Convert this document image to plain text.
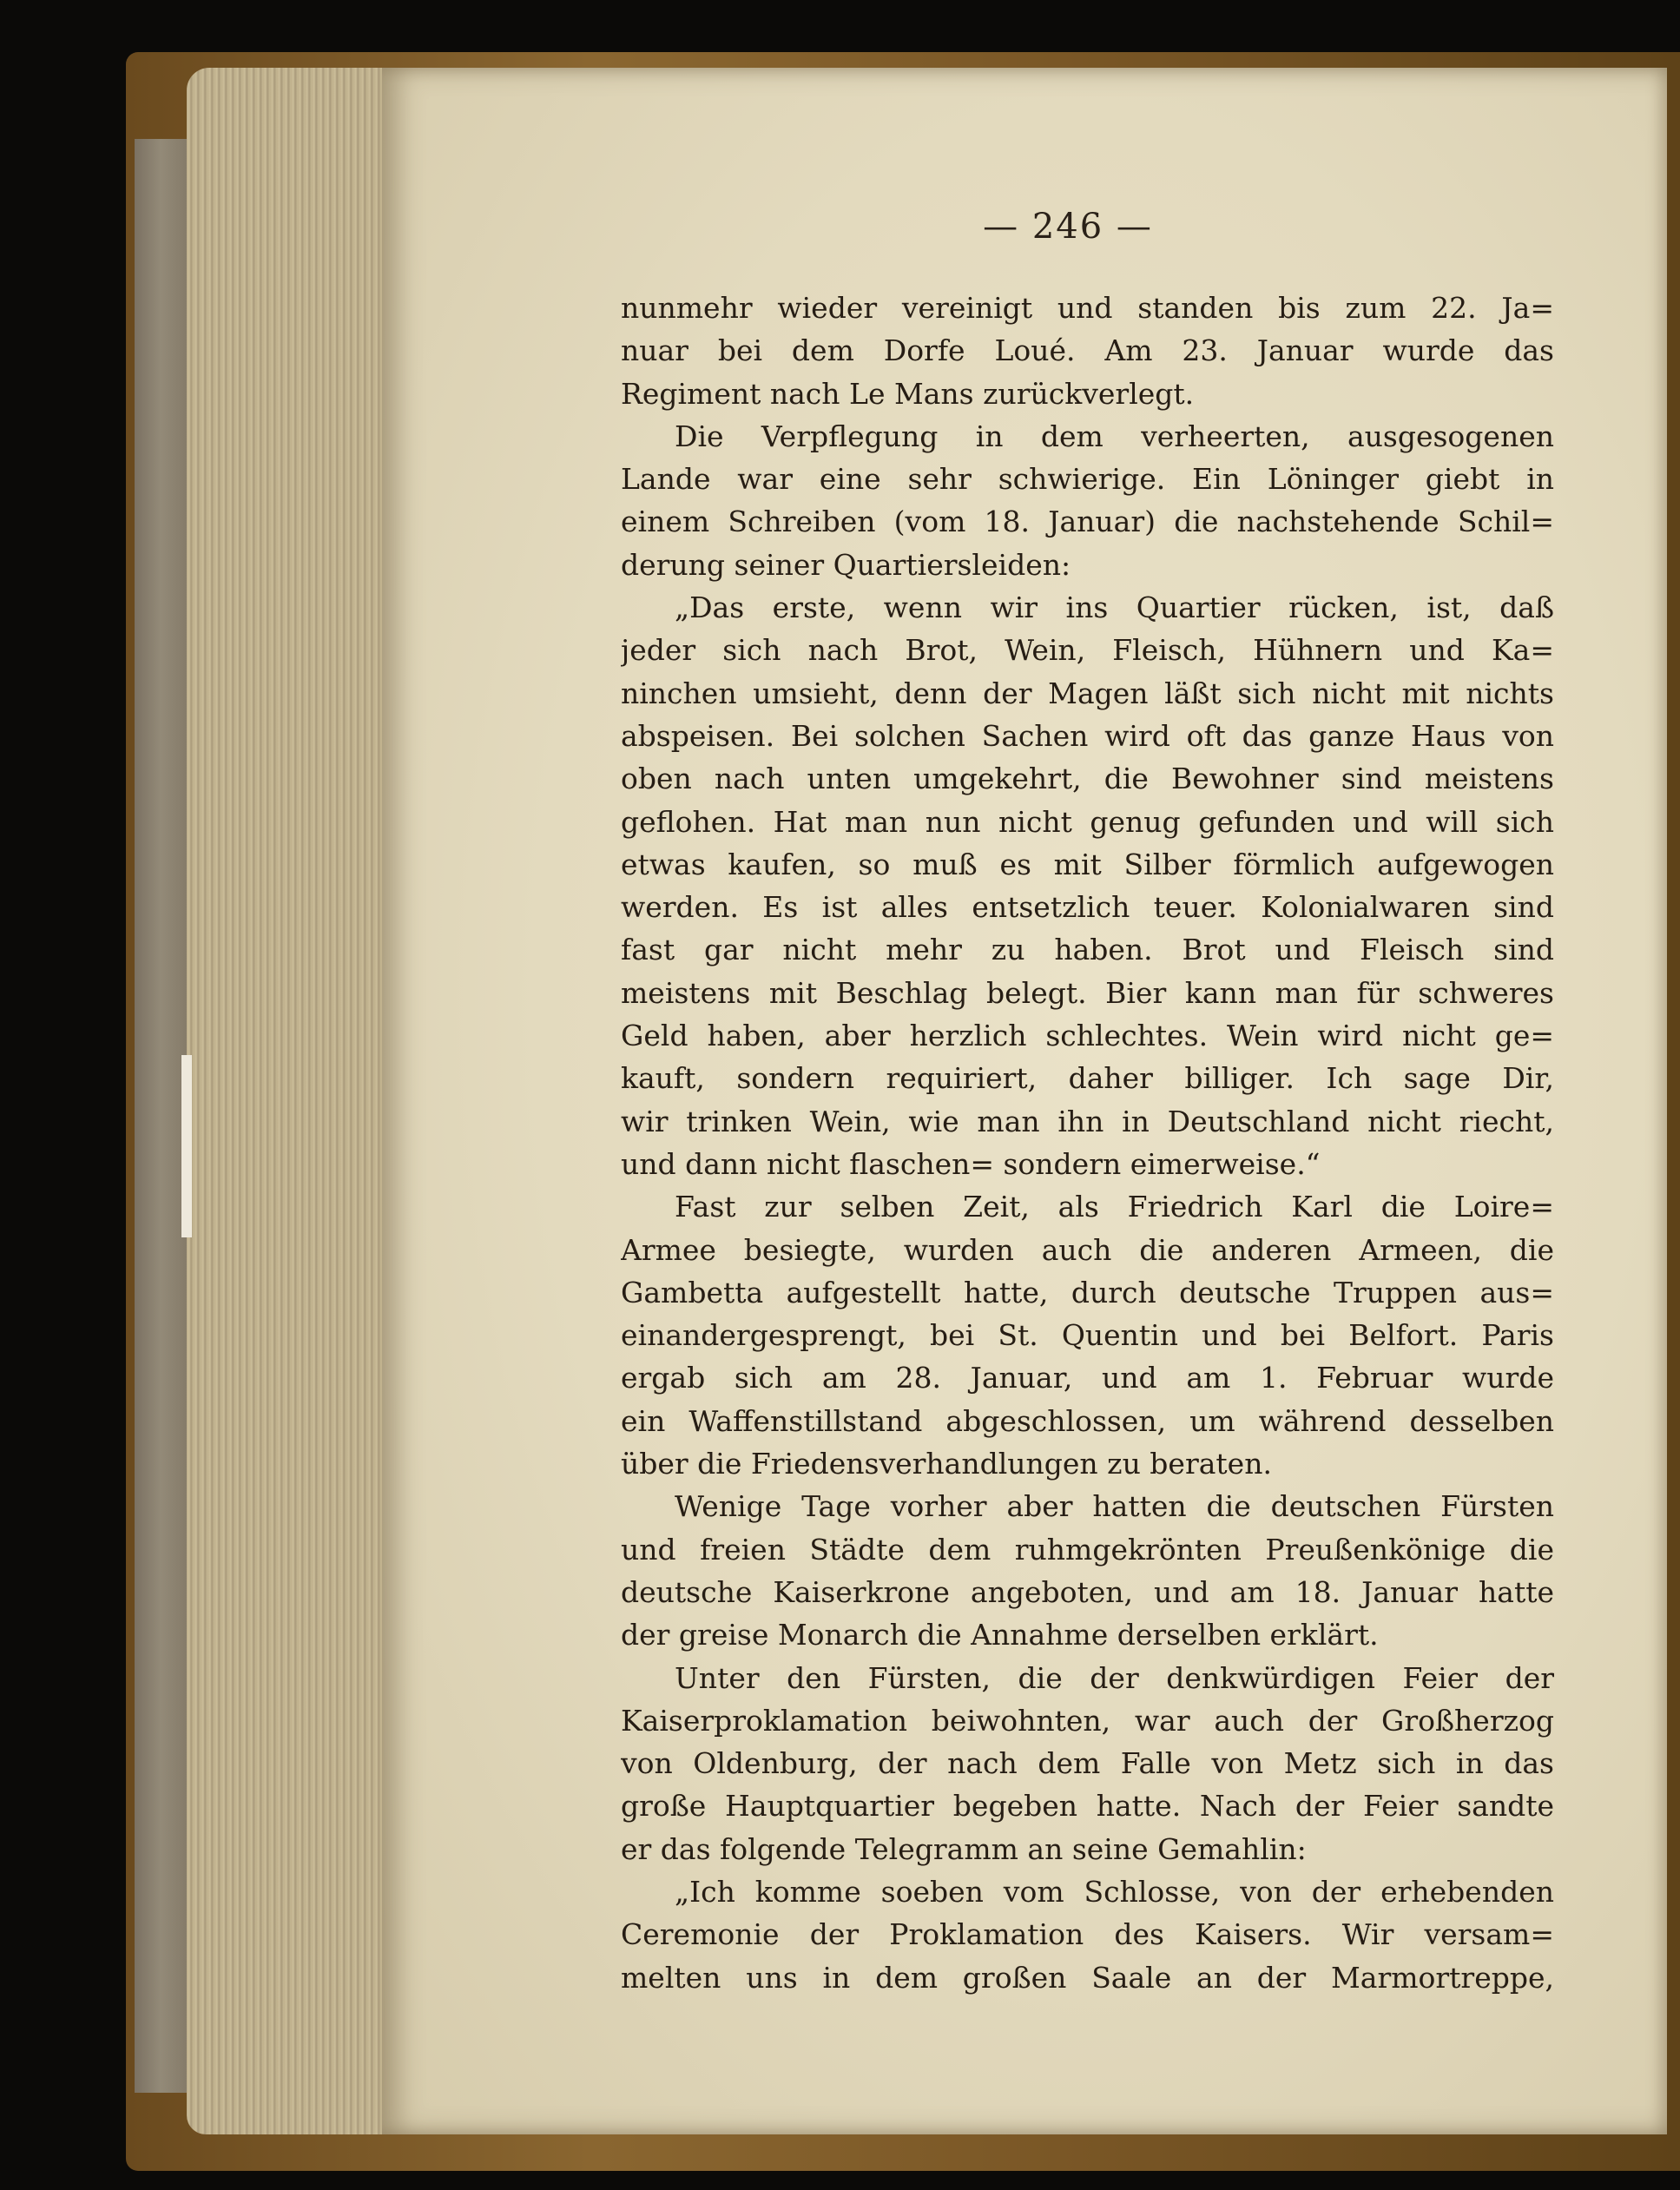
— 246 —
nunmehr wieder vereinigt und standen bis zum 22. Ja=
nuar bei dem Dorfe Loué. Am 23. Januar wurde das
Regiment nach Le Mans zurückverlegt.
Die Verpflegung in dem verheerten, ausgesogenen
Lande war eine sehr schwierige. Ein Löninger giebt in
einem Schreiben (vom 18. Januar) die nachstehende Schil=
derung seiner Quartiersleiden:
„Das erste, wenn wir ins Quartier rücken, ist, daß
jeder sich nach Brot, Wein, Fleisch, Hühnern und Ka=
ninchen umsieht, denn der Magen läßt sich nicht mit nichts
abspeisen. Bei solchen Sachen wird oft das ganze Haus von
oben nach unten umgekehrt, die Bewohner sind meistens
geflohen. Hat man nun nicht genug gefunden und will sich
etwas kaufen, so muß es mit Silber förmlich aufgewogen
werden. Es ist alles entsetzlich teuer. Kolonialwaren sind
fast gar nicht mehr zu haben. Brot und Fleisch sind
meistens mit Beschlag belegt. Bier kann man für schweres
Geld haben, aber herzlich schlechtes. Wein wird nicht ge=
kauft, sondern requiriert, daher billiger. Ich sage Dir,
wir trinken Wein, wie man ihn in Deutschland nicht riecht,
und dann nicht flaschen= sondern eimerweise.“
Fast zur selben Zeit, als Friedrich Karl die Loire=
Armee besiegte, wurden auch die anderen Armeen, die
Gambetta aufgestellt hatte, durch deutsche Truppen aus=
einandergesprengt, bei St. Quentin und bei Belfort. Paris
ergab sich am 28. Januar, und am 1. Februar wurde
ein Waffenstillstand abgeschlossen, um während desselben
über die Friedensverhandlungen zu beraten.
Wenige Tage vorher aber hatten die deutschen Fürsten
und freien Städte dem ruhmgekrönten Preußenkönige die
deutsche Kaiserkrone angeboten, und am 18. Januar hatte
der greise Monarch die Annahme derselben erklärt.
Unter den Fürsten, die der denkwürdigen Feier der
Kaiserproklamation beiwohnten, war auch der Großherzog
von Oldenburg, der nach dem Falle von Metz sich in das
große Hauptquartier begeben hatte. Nach der Feier sandte
er das folgende Telegramm an seine Gemahlin:
„Ich komme soeben vom Schlosse, von der erhebenden
Ceremonie der Proklamation des Kaisers. Wir versam=
melten uns in dem großen Saale an der Marmortreppe,
